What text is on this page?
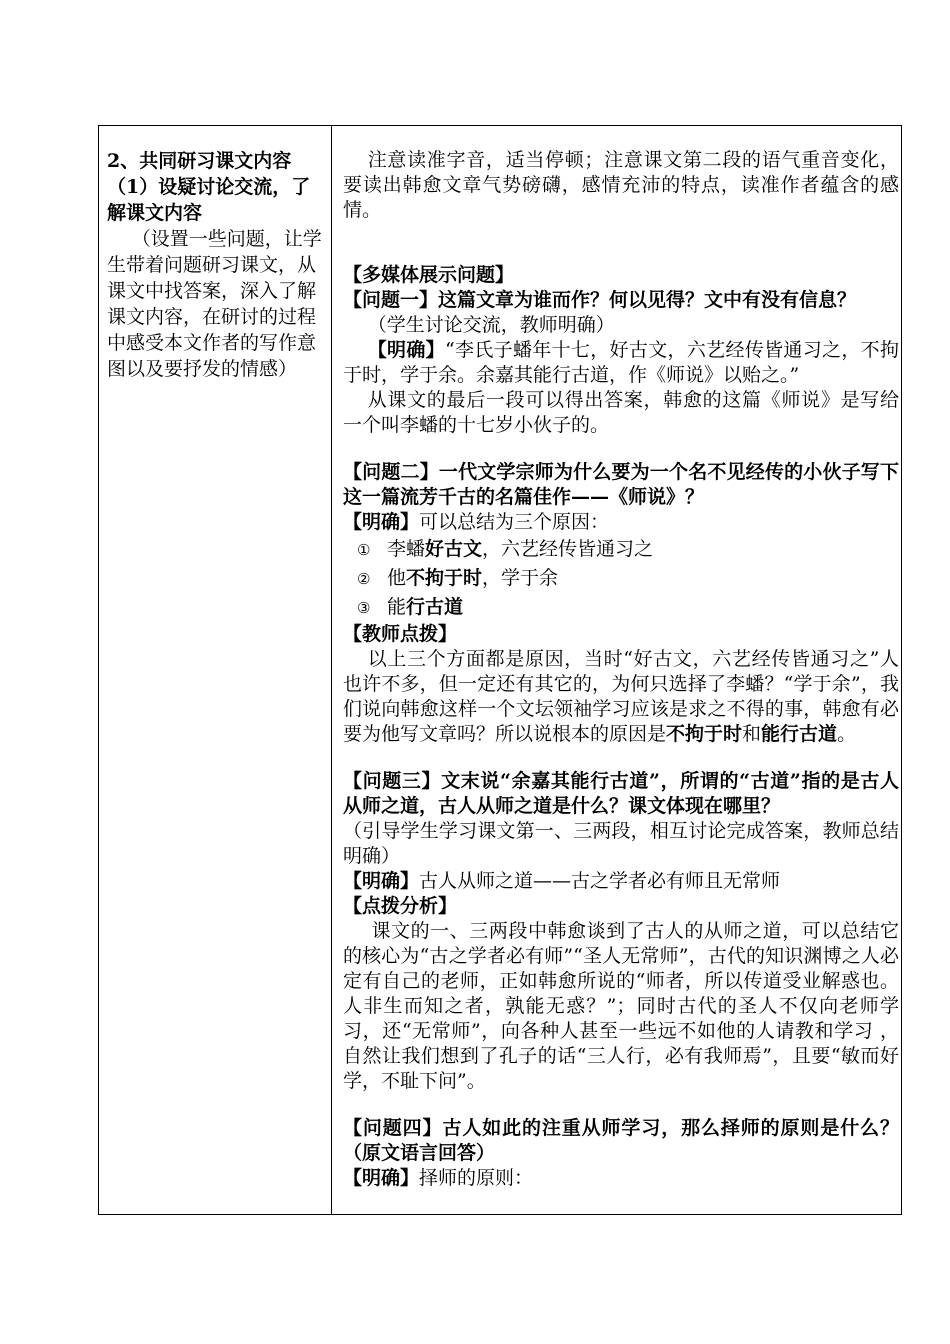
2、共同研习课文内容

（1）设疑讨论交流，了解课文内容

（设置一些问题，让学生带着问题研习课文，从课文中找答案，深入了解课文内容，在研讨的过程中感受本文作者的写作意图以及要抒发的情感）

注意读准字音，适当停顿；注意课文第二段的语气重音变化，要读出韩愈文章气势磅礴，感情充沛的特点，读准作者蕴含的感情。

【多媒体展示问题】

【问题一】这篇文章为谁而作？何以见得？文中有没有信息？

（学生讨论交流，教师明确）

【明确】“李氏子蟠年十七，好古文，六艺经传皆通习之，不拘于时，学于余。余嘉其能行古道，作《师说》以贻之。”

从课文的最后一段可以得出答案，韩愈的这篇《师说》是写给一个叫李蟠的十七岁小伙子的。

【问题二】一代文学宗师为什么要为一个名不见经传的小伙子写下这一篇流芳千古的名篇佳作——《师说》？

【明确】可以总结为三个原因：

① 李蟠好古文，六艺经传皆通习之

② 他不拘于时，学于余

③ 能行古道

【教师点拨】

以上三个方面都是原因，当时“好古文，六艺经传皆通习之”人也许不多，但一定还有其它的，为何只选择了李蟠？“学于余”，我们说向韩愈这样一个文坛领袖学习应该是求之不得的事，韩愈有必要为他写文章吗？所以说根本的原因是不拘于时和能行古道。

【问题三】文末说“余嘉其能行古道”，所谓的“古道”指的是古人从师之道，古人从师之道是什么？课文体现在哪里？

（引导学生学习课文第一、三两段，相互讨论完成答案，教师总结明确）

【明确】古人从师之道——古之学者必有师且无常师

【点拨分析】

课文的一、三两段中韩愈谈到了古人的从师之道，可以总结它的核心为“古之学者必有师”“圣人无常师”，古代的知识渊博之人必定有自己的老师，正如韩愈所说的“师者，所以传道受业解惑也。人非生而知之者，孰能无惑？”；同时古代的圣人不仅向老师学习，还“无常师”，向各种人甚至一些远不如他的人请教和学习 ，自然让我们想到了孔子的话“三人行，必有我师焉”，且要“敏而好学，不耻下问”。

【问题四】古人如此的注重从师学习，那么择师的原则是什么？（原文语言回答）

【明确】择师的原则：
